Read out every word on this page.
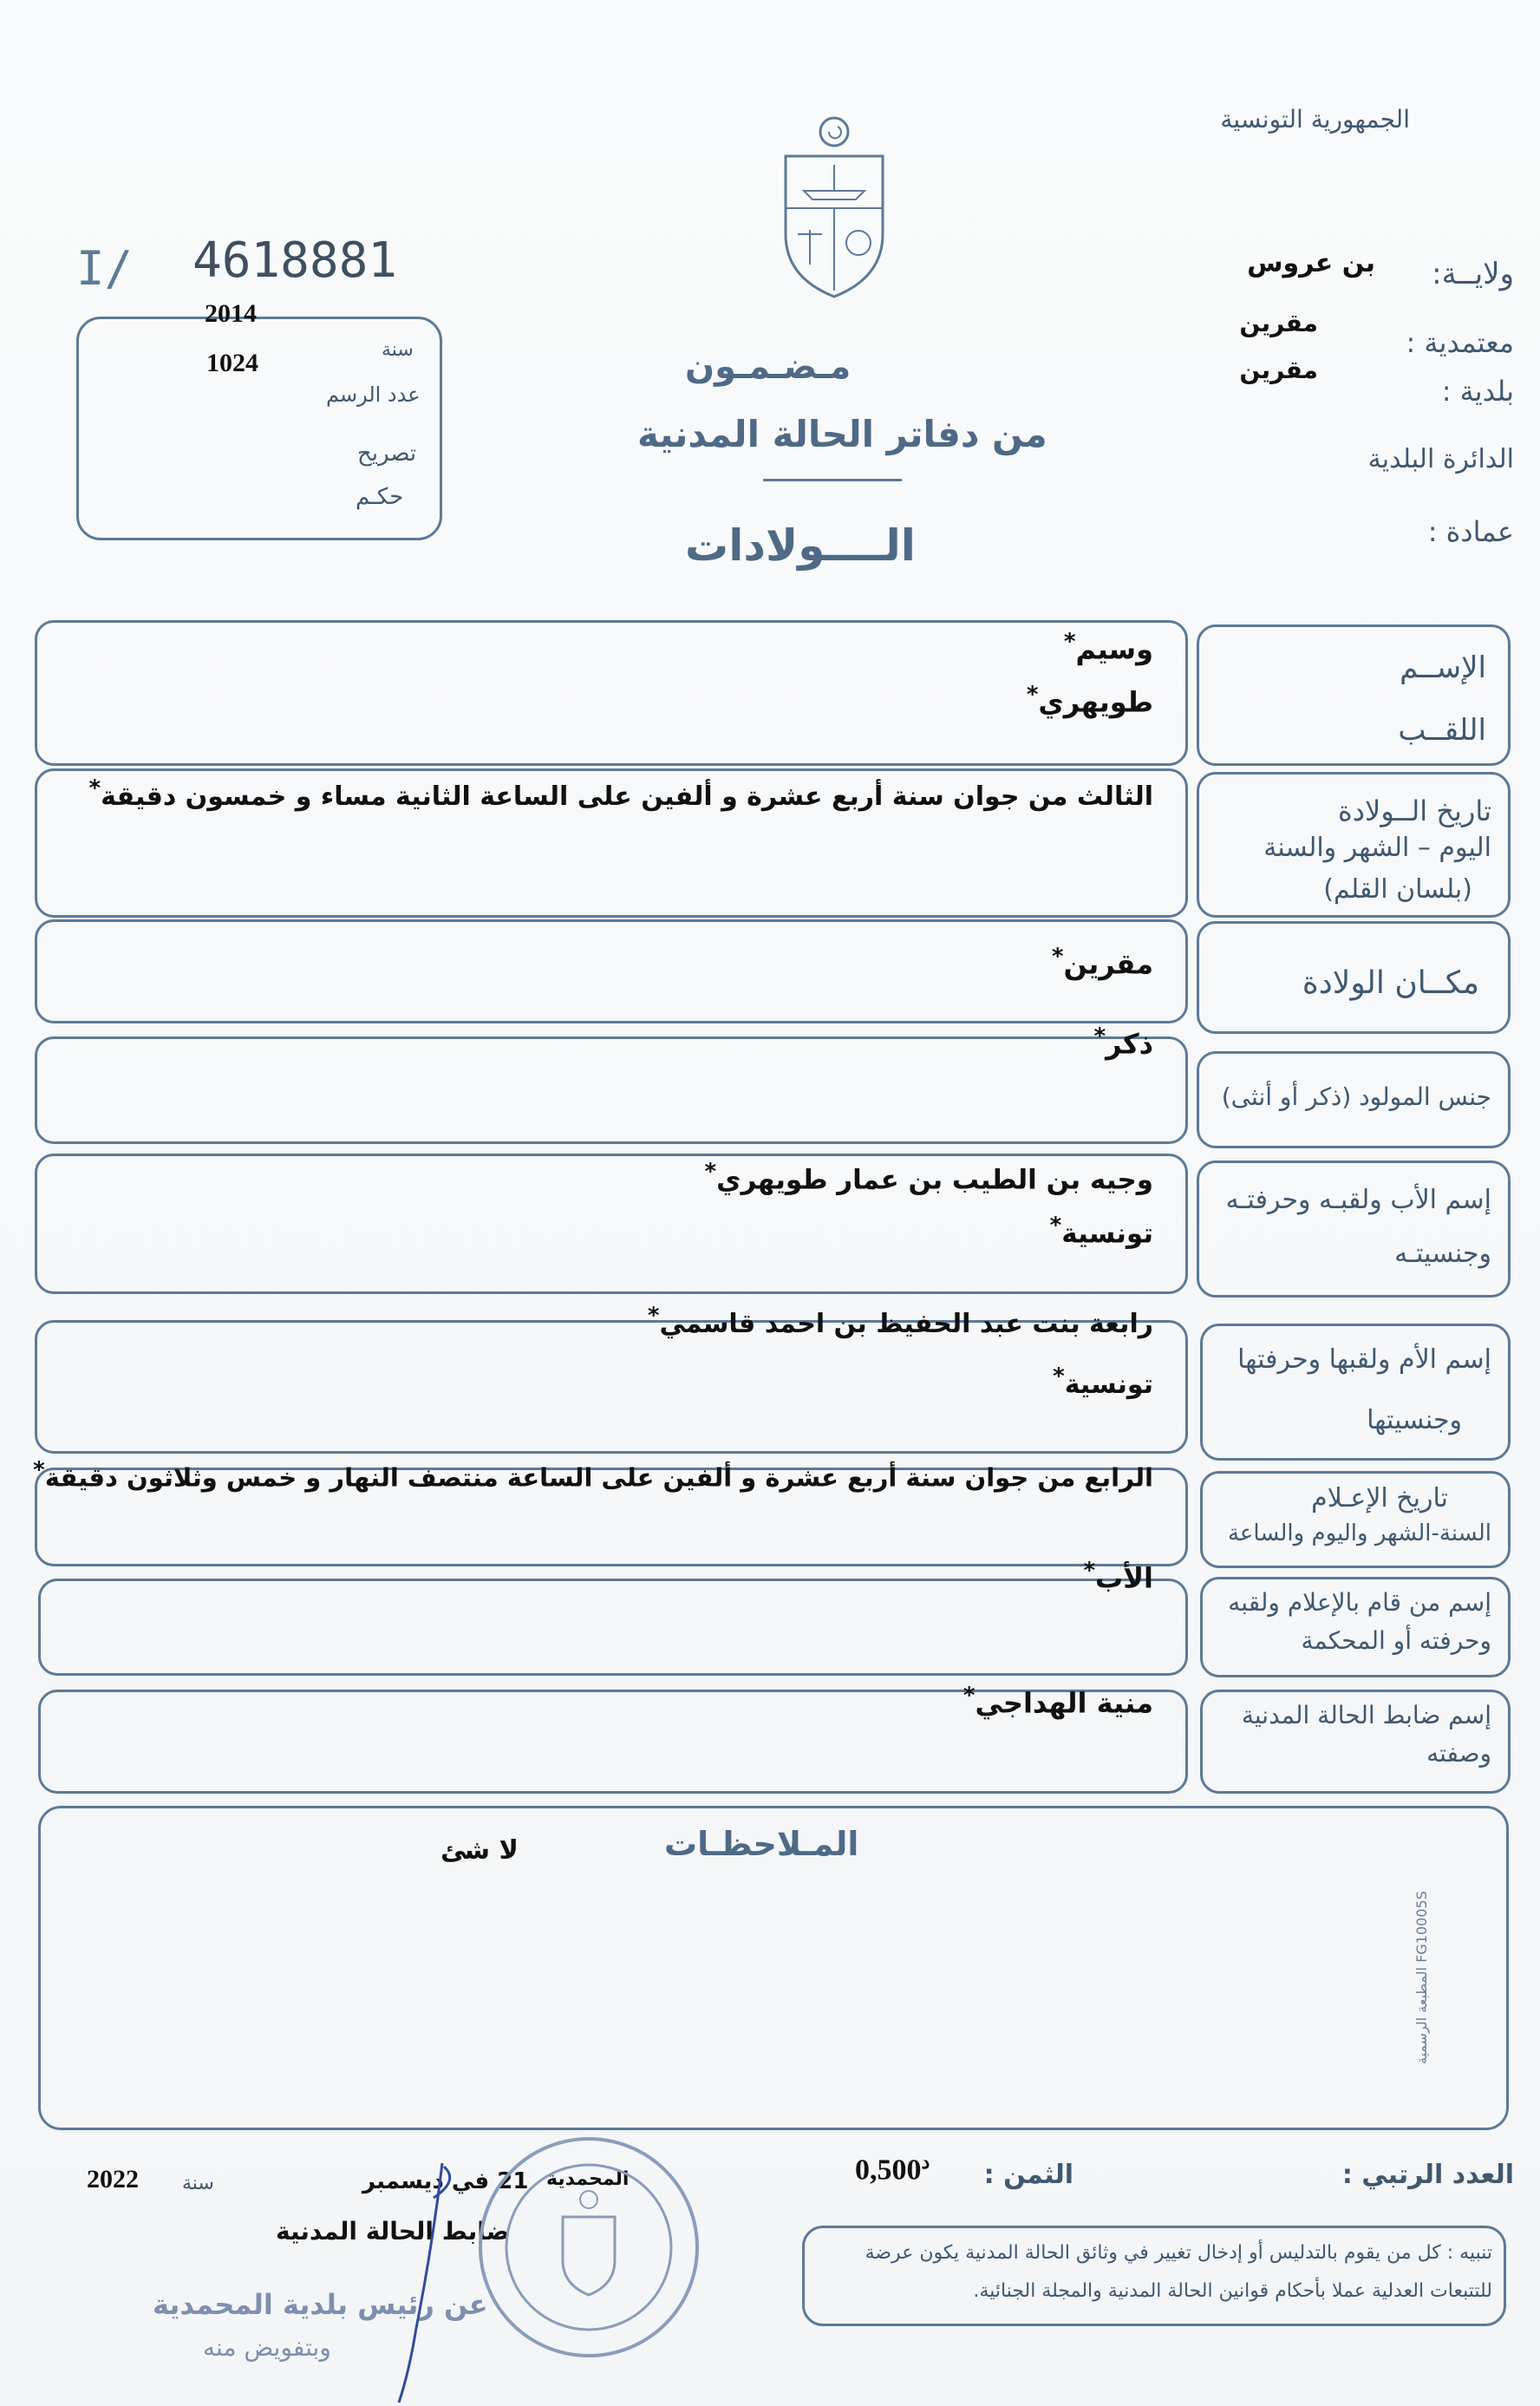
الجمهورية التونسية
ولايــة:
بن عروس
معتمدية :
مقرين
بلدية :
مقرين
الدائرة البلدية
عمادة :
I/ 4618881
سنة
2014
عدد الرسم
1024
تصريح
حكـم
مـضـمـون
من دفاتر الحالة المدنية
الــــولادات
الإســم
اللقــب
وسيم*
طويهري*
تاريخ الــولادة
اليوم – الشهر والسنة
(بلسان القلم)
الثالث من جوان سنة أربع عشرة و ألفين على الساعة الثانية مساء و خمسون دقيقة*
مكــان الولادة
مقرين*
جنس المولود (ذكر أو أنثى)
ذكر*
إسم الأب ولقبـه وحرفتـه
وجنسيتـه
وجيه بن الطيب بن عمار طويهري*
تونسية*
إسم الأم ولقبها وحرفتها
وجنسيتها
رابعة بنت عبد الحفيظ بن احمد قاسمي*
تونسية*
تاريخ الإعـلام
السنة-الشهر واليوم والساعة
الرابع من جوان سنة أربع عشرة و ألفين على الساعة منتصف النهار و خمس وثلاثون دقيقة*
إسم من قام بالإعلام ولقبه
وحرفته أو المحكمة
الأب*
إسم ضابط الحالة المدنية
وصفته
منية الهداجي*
المـلاحظـات
لا شئ
المطبعة الرسمية FG10005S
العدد الرتبي :
الثمن :
$^د$0,500
المحمدية
21 في ديسمبر
سنة
2022
ضابط الحالة المدنية
عن رئيس بلدية المحمدية
وبتفويض منه
تنبيه : كل من يقوم بالتدليس أو إدخال تغيير في وثائق الحالة المدنية يكون عرضة
للتتبعات العدلية عملا بأحكام قوانين الحالة المدنية والمجلة الجنائية.
